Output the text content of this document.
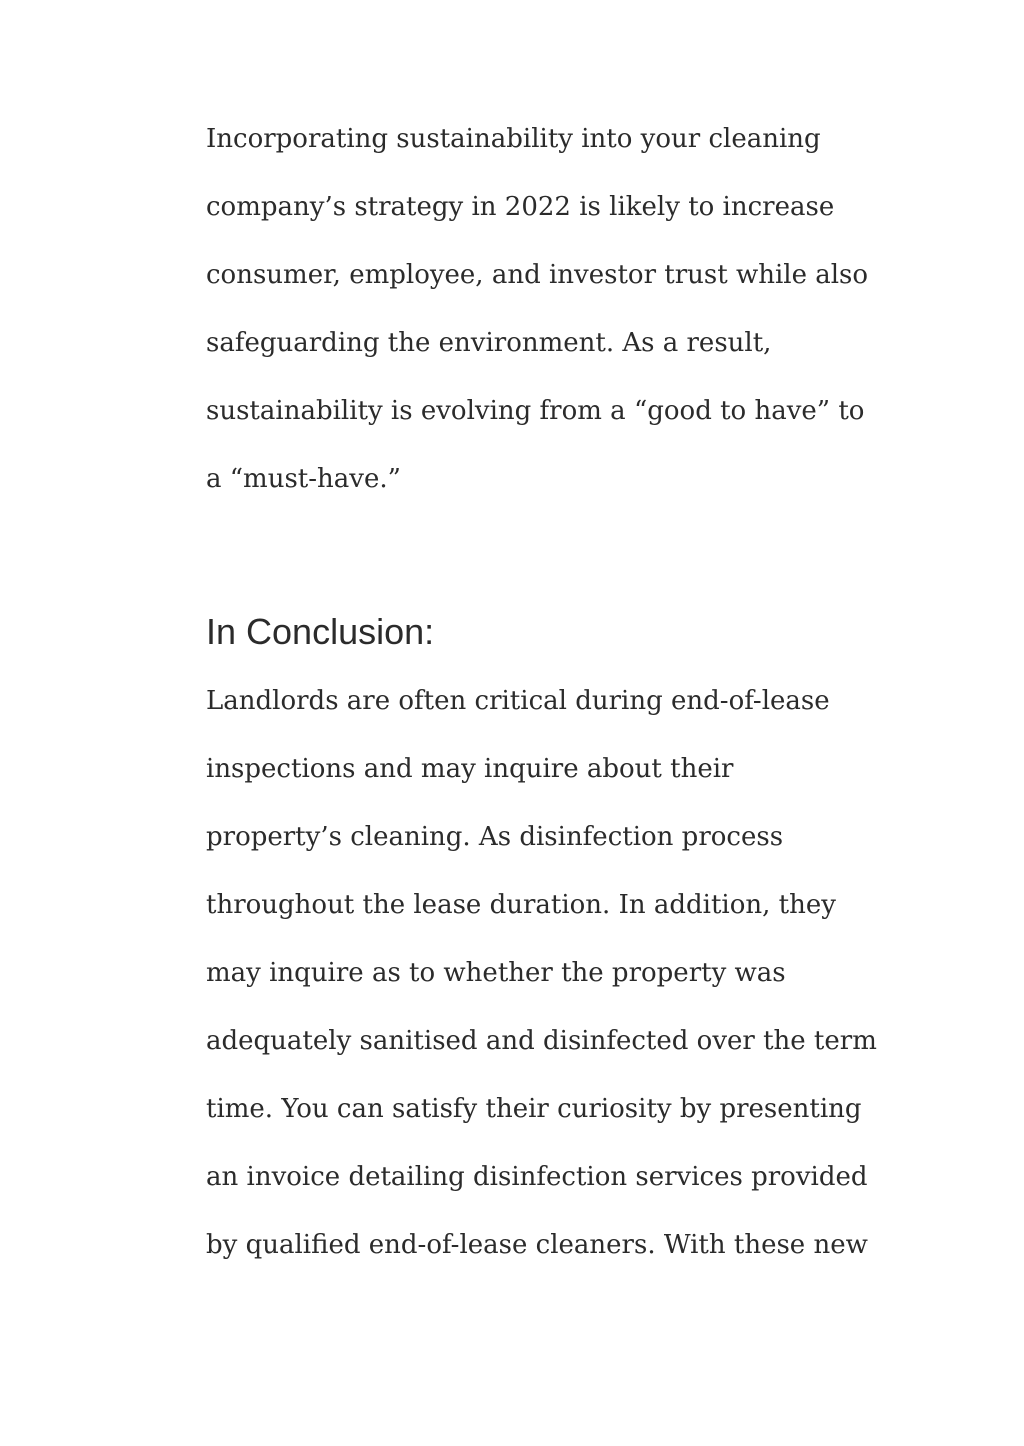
Incorporating sustainability into your cleaning
company’s strategy in 2022 is likely to increase
consumer, employee, and investor trust while also
safeguarding the environment. As a result,
sustainability is evolving from a “good to have” to
a “must-have.”
In Conclusion:
Landlords are often critical during end-of-lease
inspections and may inquire about their
property’s cleaning. As disinfection process
throughout the lease duration. In addition, they
may inquire as to whether the property was
adequately sanitised and disinfected over the term
time. You can satisfy their curiosity by presenting
an invoice detailing disinfection services provided
by qualified end-of-lease cleaners. With these new
